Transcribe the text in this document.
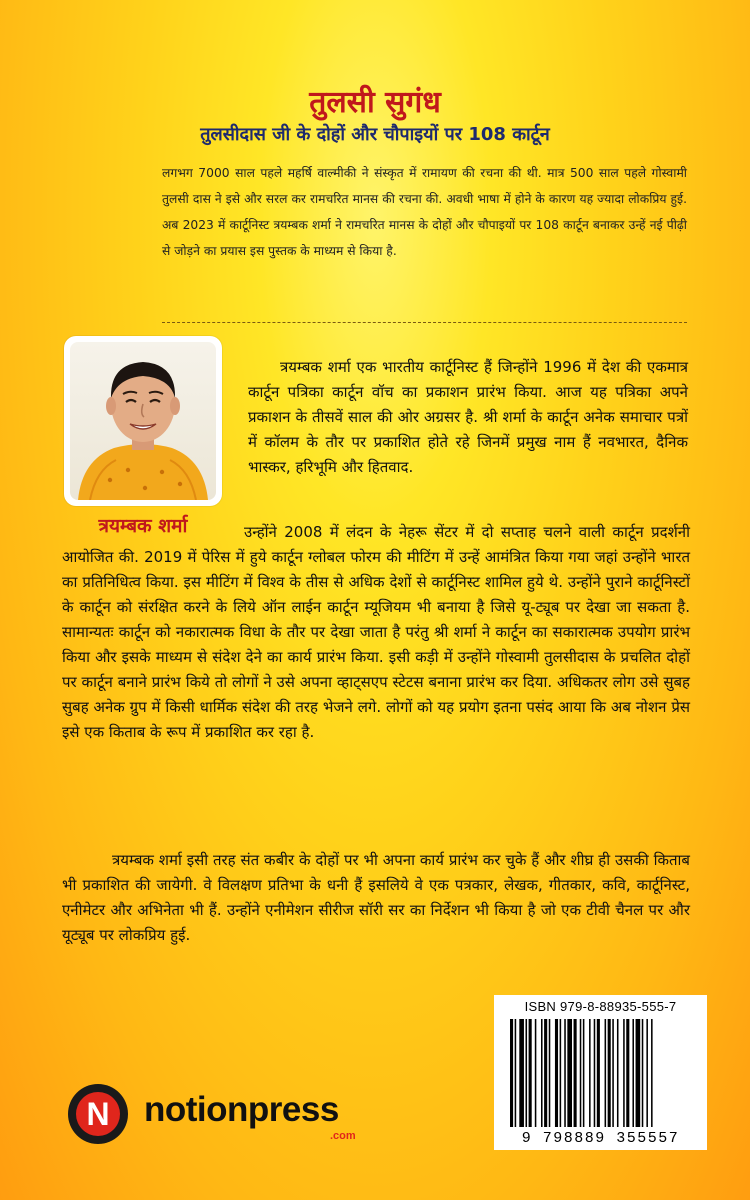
तुलसी सुगंध
तुलसीदास जी के दोहों और चौपाइयों पर 108 कार्टून

लगभग 7000 साल पहले महर्षि वाल्मीकी ने संस्कृत में रामायण की रचना की थी. मात्र 500 साल पहले गोस्वामी तुलसी दास ने इसे और सरल कर रामचरित मानस की रचना की. अवधी भाषा में होने के कारण यह ज्यादा लोकप्रिय हुई. अब 2023 में कार्टूनिस्ट त्रयम्बक शर्मा ने रामचरित मानस के दोहों और चौपाइयों पर 108 कार्टून बनाकर उन्हें नई पीढ़ी से जोड़ने का प्रयास इस पुस्तक के माध्यम से किया है.

त्रयम्बक शर्मा

त्रयम्बक शर्मा एक भारतीय कार्टूनिस्ट हैं जिन्होंने 1996 में देश की एकमात्र कार्टून पत्रिका कार्टून वॉच का प्रकाशन प्रारंभ किया. आज यह पत्रिका अपने प्रकाशन के तीसवें साल की ओर अग्रसर है. श्री शर्मा के कार्टून अनेक समाचार पत्रों में कॉलम के तौर पर प्रकाशित होते रहे जिनमें प्रमुख नाम हैं नवभारत, दैनिक भास्कर, हरिभूमि और हितवाद.

उन्होंने 2008 में लंदन के नेहरू सेंटर में दो सप्ताह चलने वाली कार्टून प्रदर्शनी आयोजित की. 2019 में पेरिस में हुये कार्टून ग्लोबल फोरम की मीटिंग में उन्हें आमंत्रित किया गया जहां उन्होंने भारत का प्रतिनिधित्व किया. इस मीटिंग में विश्व के तीस से अधिक देशों से कार्टूनिस्ट शामिल हुये थे. उन्होंने पुराने कार्टूनिस्टों के कार्टून को संरक्षित करने के लिये ऑन लाईन कार्टून म्यूजियम भी बनाया है जिसे यू-ट्यूब पर देखा जा सकता है. सामान्यतः कार्टून को नकारात्मक विधा के तौर पर देखा जाता है परंतु श्री शर्मा ने कार्टून का सकारात्मक उपयोग प्रारंभ किया और इसके माध्यम से संदेश देने का कार्य प्रारंभ किया. इसी कड़ी में उन्होंने गोस्वामी तुलसीदास के प्रचलित दोहों पर कार्टून बनाने प्रारंभ किये तो लोगों ने उसे अपना व्हाट्सएप स्टेटस बनाना प्रारंभ कर दिया. अधिकतर लोग उसे सुबह सुबह अनेक ग्रुप में किसी धार्मिक संदेश की तरह भेजने लगे. लोगों को यह प्रयोग इतना पसंद आया कि अब नोशन प्रेस इसे एक किताब के रूप में प्रकाशित कर रहा है.

त्रयम्बक शर्मा इसी तरह संत कबीर के दोहों पर भी अपना कार्य प्रारंभ कर चुके हैं और शीघ्र ही उसकी किताब भी प्रकाशित की जायेगी. वे विलक्षण प्रतिभा के धनी हैं इसलिये वे एक पत्रकार, लेखक, गीतकार, कवि, कार्टूनिस्ट, एनीमेटर और अभिनेता भी हैं. उन्होंने एनीमेशन सीरीज सॉरी सर का निर्देशन भी किया है जो एक टीवी चैनल पर और यूट्यूब पर लोकप्रिय हुई.

N notionpress

.com

ISBN 979-8-88935-555-7

9 798889 355557
